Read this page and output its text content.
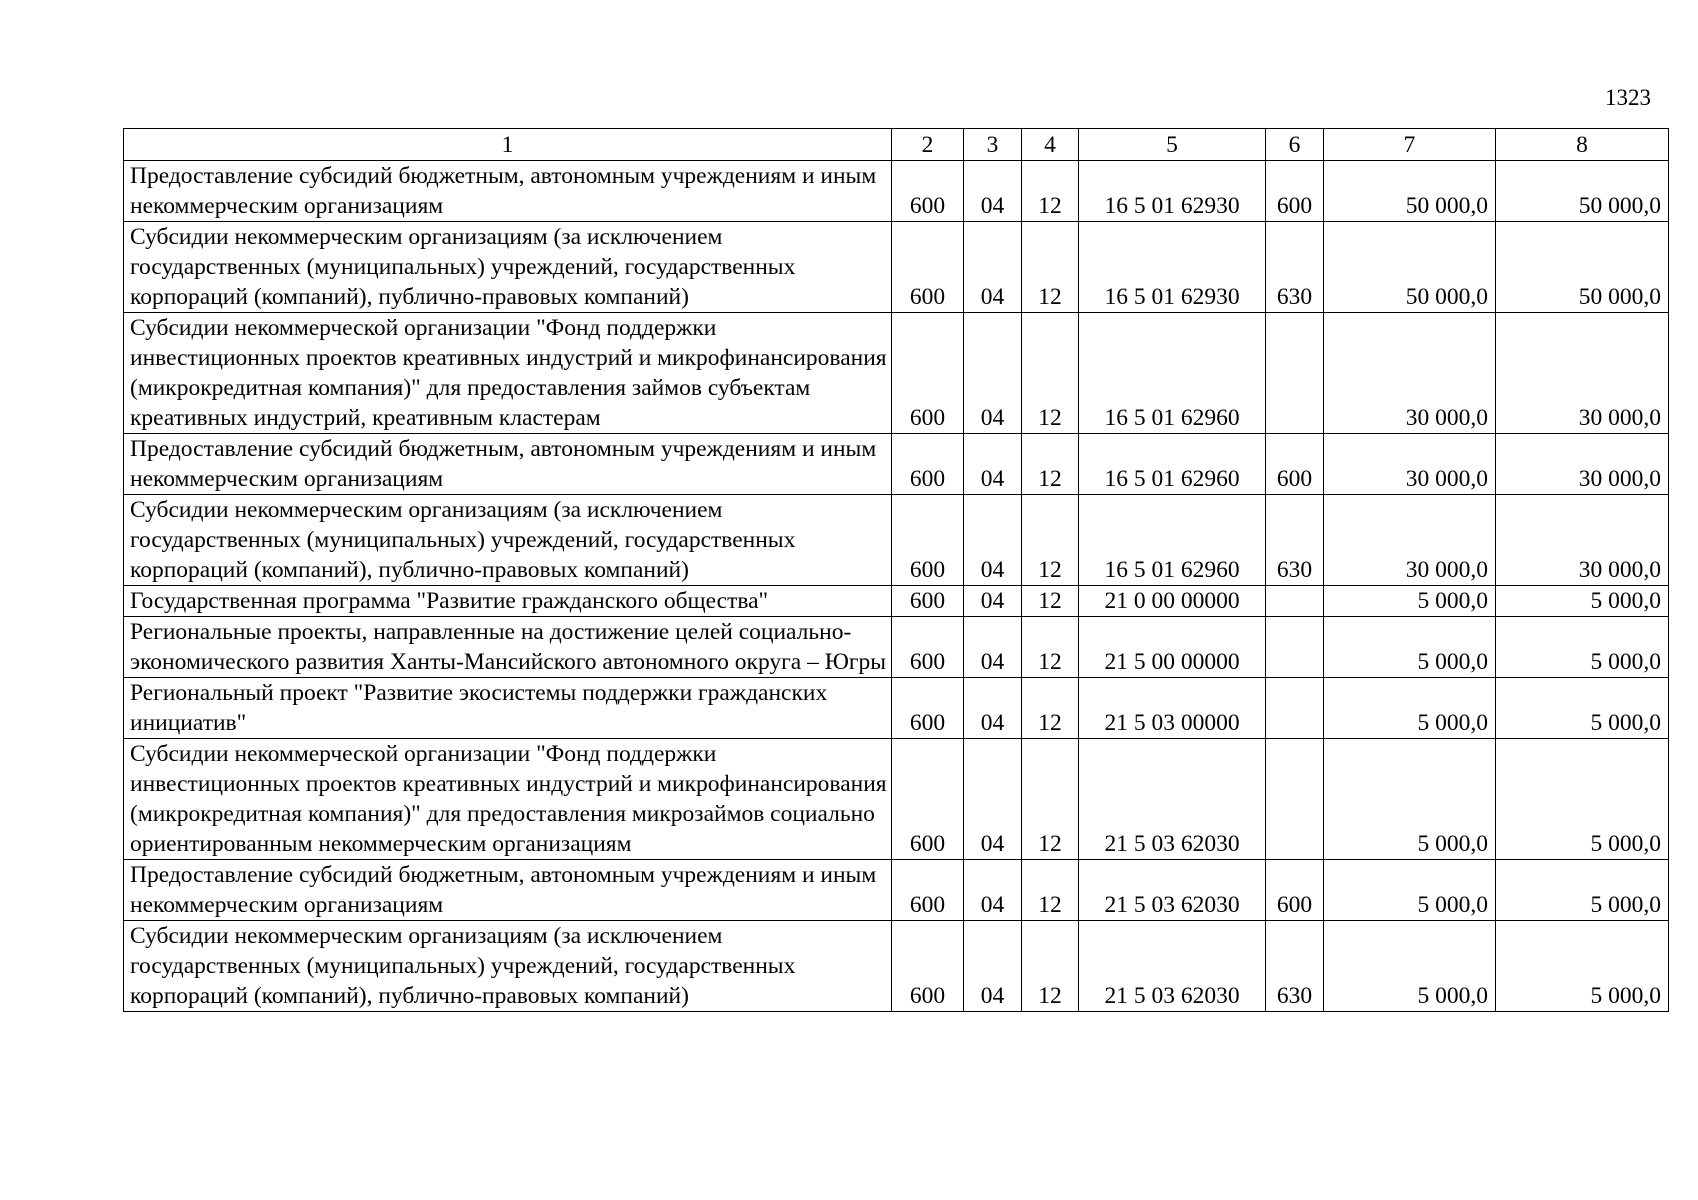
1323
1	2	3	4	5	6	7	8
Предоставление субсидий бюджетным, автономным учреждениям и иным некоммерческим организациям	600	04	12	16 5 01 62930	600	50 000,0	50 000,0
Субсидии некоммерческим организациям (за исключением государственных (муниципальных) учреждений, государственных корпораций (компаний), публично-правовых компаний)	600	04	12	16 5 01 62930	630	50 000,0	50 000,0
Субсидии некоммерческой организации "Фонд поддержки инвестиционных проектов креативных индустрий и микрофинансирования (микрокредитная компания)" для предоставления займов субъектам креативных индустрий, креативным кластерам	600	04	12	16 5 01 62960		30 000,0	30 000,0
Предоставление субсидий бюджетным, автономным учреждениям и иным некоммерческим организациям	600	04	12	16 5 01 62960	600	30 000,0	30 000,0
Субсидии некоммерческим организациям (за исключением государственных (муниципальных) учреждений, государственных корпораций (компаний), публично-правовых компаний)	600	04	12	16 5 01 62960	630	30 000,0	30 000,0
Государственная программа "Развитие гражданского общества"	600	04	12	21 0 00 00000		5 000,0	5 000,0
Региональные проекты, направленные на достижение целей социально-экономического развития Ханты-Мансийского автономного округа – Югры	600	04	12	21 5 00 00000		5 000,0	5 000,0
Региональный проект "Развитие экосистемы поддержки гражданских инициатив"	600	04	12	21 5 03 00000		5 000,0	5 000,0
Субсидии некоммерческой организации "Фонд поддержки инвестиционных проектов креативных индустрий и микрофинансирования (микрокредитная компания)" для предоставления микрозаймов социально ориентированным некоммерческим организациям	600	04	12	21 5 03 62030		5 000,0	5 000,0
Предоставление субсидий бюджетным, автономным учреждениям и иным некоммерческим организациям	600	04	12	21 5 03 62030	600	5 000,0	5 000,0
Субсидии некоммерческим организациям (за исключением государственных (муниципальных) учреждений, государственных корпораций (компаний), публично-правовых компаний)	600	04	12	21 5 03 62030	630	5 000,0	5 000,0
